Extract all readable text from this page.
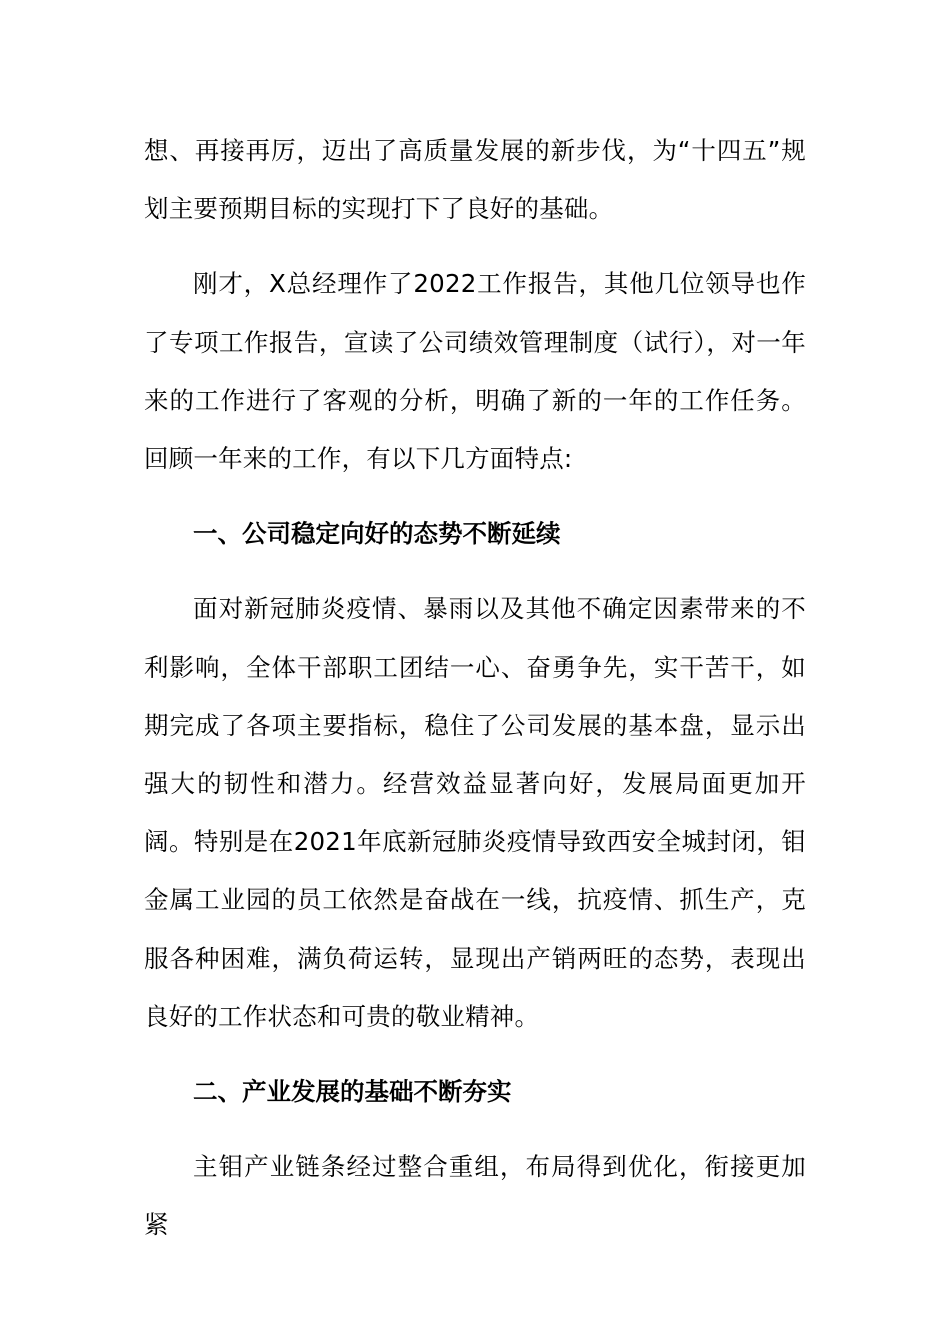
想、再接再厉，迈出了高质量发展的新步伐，为“十四五”规划主要预期目标的实现打下了良好的基础。

刚才，X总经理作了2022工作报告，其他几位领导也作了专项工作报告，宣读了公司绩效管理制度（试行），对一年来的工作进行了客观的分析，明确了新的一年的工作任务。回顾一年来的工作，有以下几方面特点:

一、公司稳定向好的态势不断延续

面对新冠肺炎疫情、暴雨以及其他不确定因素带来的不利影响，全体干部职工团结一心、奋勇争先，实干苦干，如期完成了各项主要指标，稳住了公司发展的基本盘，显示出强大的韧性和潜力。经营效益显著向好，发展局面更加开阔。特别是在2021年底新冠肺炎疫情导致西安全城封闭，钼金属工业园的员工依然是奋战在一线，抗疫情、抓生产，克服各种困难，满负荷运转，显现出产销两旺的态势，表现出良好的工作状态和可贵的敬业精神。

二、产业发展的基础不断夯实

主钼产业链条经过整合重组，布局得到优化，衔接更加紧
